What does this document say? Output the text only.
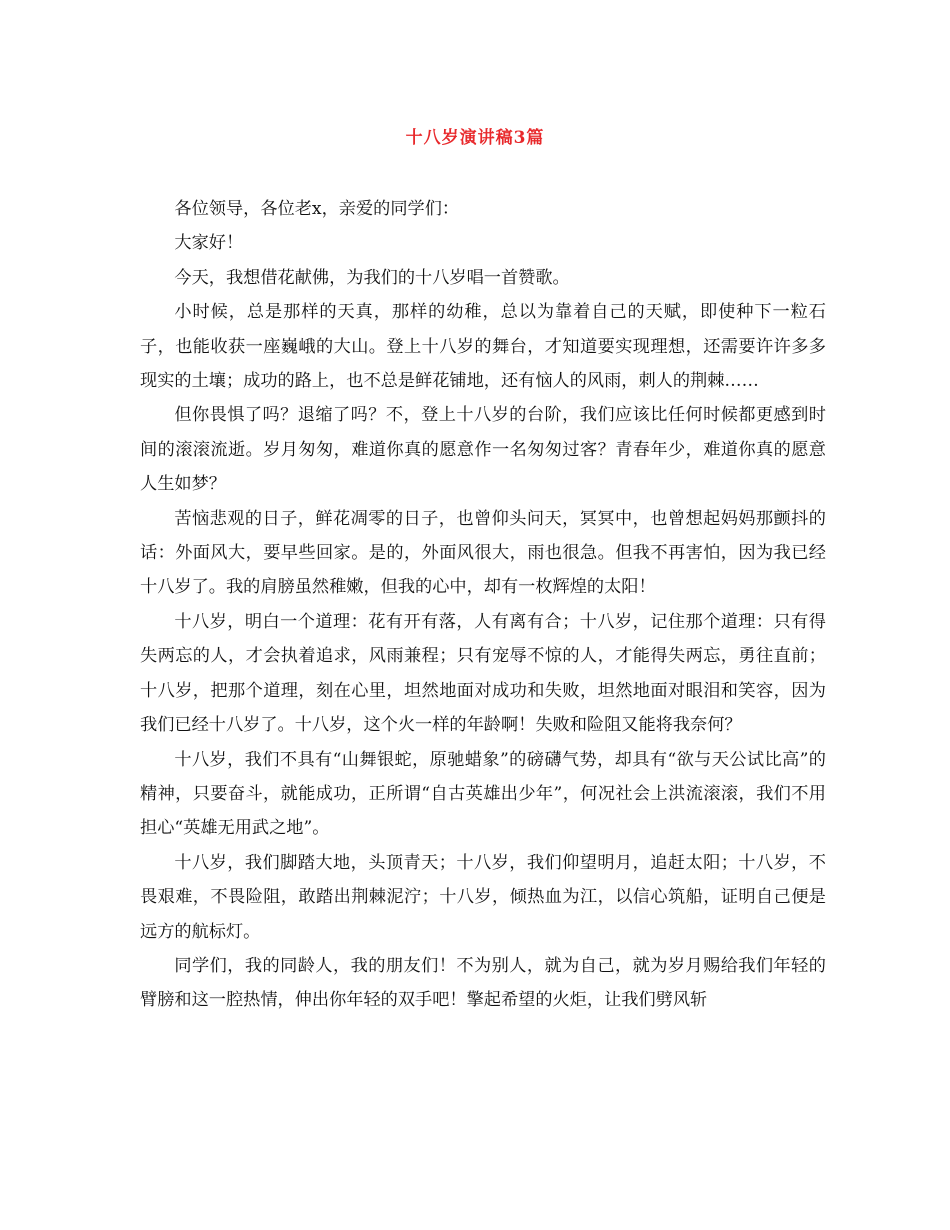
十八岁演讲稿3篇

各位领导，各位老x，亲爱的同学们：

大家好！

今天，我想借花献佛，为我们的十八岁唱一首赞歌。

小时候，总是那样的天真，那样的幼稚，总以为靠着自己的天赋，即使种下一粒石子，也能收获一座巍峨的大山。登上十八岁的舞台，才知道要实现理想，还需要许许多多现实的土壤；成功的路上，也不总是鲜花铺地，还有恼人的风雨，刺人的荆棘……

但你畏惧了吗？退缩了吗？不，登上十八岁的台阶，我们应该比任何时候都更感到时间的滚滚流逝。岁月匆匆，难道你真的愿意作一名匆匆过客？青春年少，难道你真的愿意人生如梦？

苦恼悲观的日子，鲜花凋零的日子，也曾仰头问天，冥冥中，也曾想起妈妈那颤抖的话：外面风大，要早些回家。是的，外面风很大，雨也很急。但我不再害怕，因为我已经十八岁了。我的肩膀虽然稚嫩，但我的心中，却有一枚辉煌的太阳！

十八岁，明白一个道理：花有开有落，人有离有合；十八岁，记住那个道理：只有得失两忘的人，才会执着追求，风雨兼程；只有宠辱不惊的人，才能得失两忘，勇往直前；十八岁，把那个道理，刻在心里，坦然地面对成功和失败，坦然地面对眼泪和笑容，因为我们已经十八岁了。十八岁，这个火一样的年龄啊！失败和险阻又能将我奈何？

十八岁，我们不具有“山舞银蛇，原驰蜡象”的磅礴气势，却具有“欲与天公试比高”的精神，只要奋斗，就能成功，正所谓“自古英雄出少年”，何况社会上洪流滚滚，我们不用担心“英雄无用武之地”。

十八岁，我们脚踏大地，头顶青天；十八岁，我们仰望明月，追赶太阳；十八岁，不畏艰难，不畏险阻，敢踏出荆棘泥泞；十八岁，倾热血为江，以信心筑船，证明自己便是远方的航标灯。

同学们，我的同龄人，我的朋友们！不为别人，就为自己，就为岁月赐给我们年轻的臂膀和这一腔热情，伸出你年轻的双手吧！擎起希望的火炬，让我们劈风斩
